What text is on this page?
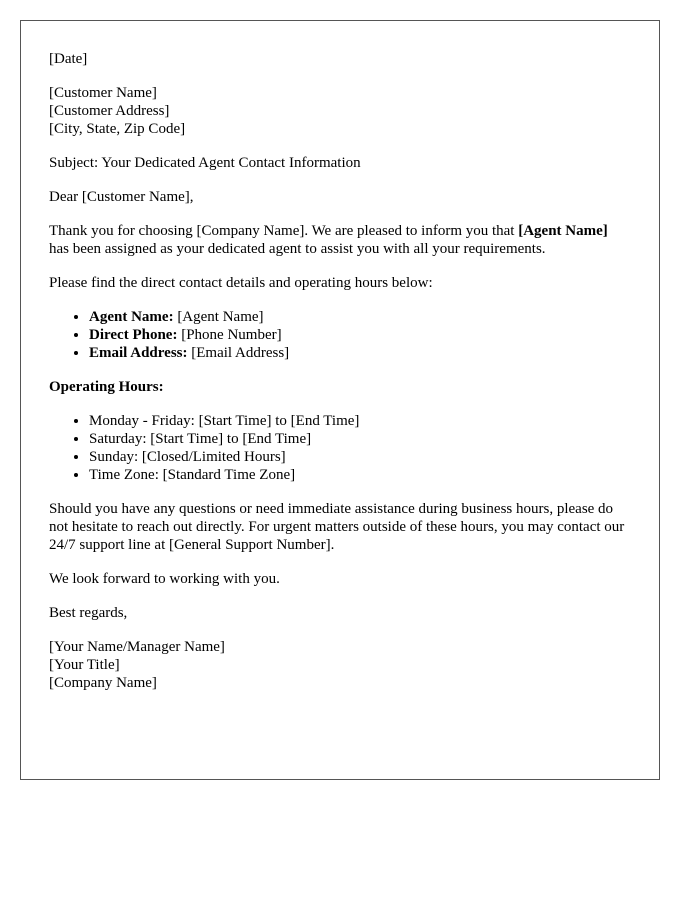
[Date]

[Customer Name]
[Customer Address]
[City, State, Zip Code]

Subject: Your Dedicated Agent Contact Information

Dear [Customer Name],

Thank you for choosing [Company Name]. We are pleased to inform you that [Agent Name] has been assigned as your dedicated agent to assist you with all your requirements.

Please find the direct contact details and operating hours below:

• Agent Name: [Agent Name]
• Direct Phone: [Phone Number]
• Email Address: [Email Address]

Operating Hours:

• Monday - Friday: [Start Time] to [End Time]
• Saturday: [Start Time] to [End Time]
• Sunday: [Closed/Limited Hours]
• Time Zone: [Standard Time Zone]

Should you have any questions or need immediate assistance during business hours, please do not hesitate to reach out directly. For urgent matters outside of these hours, you may contact our 24/7 support line at [General Support Number].

We look forward to working with you.

Best regards,

[Your Name/Manager Name]
[Your Title]
[Company Name]
